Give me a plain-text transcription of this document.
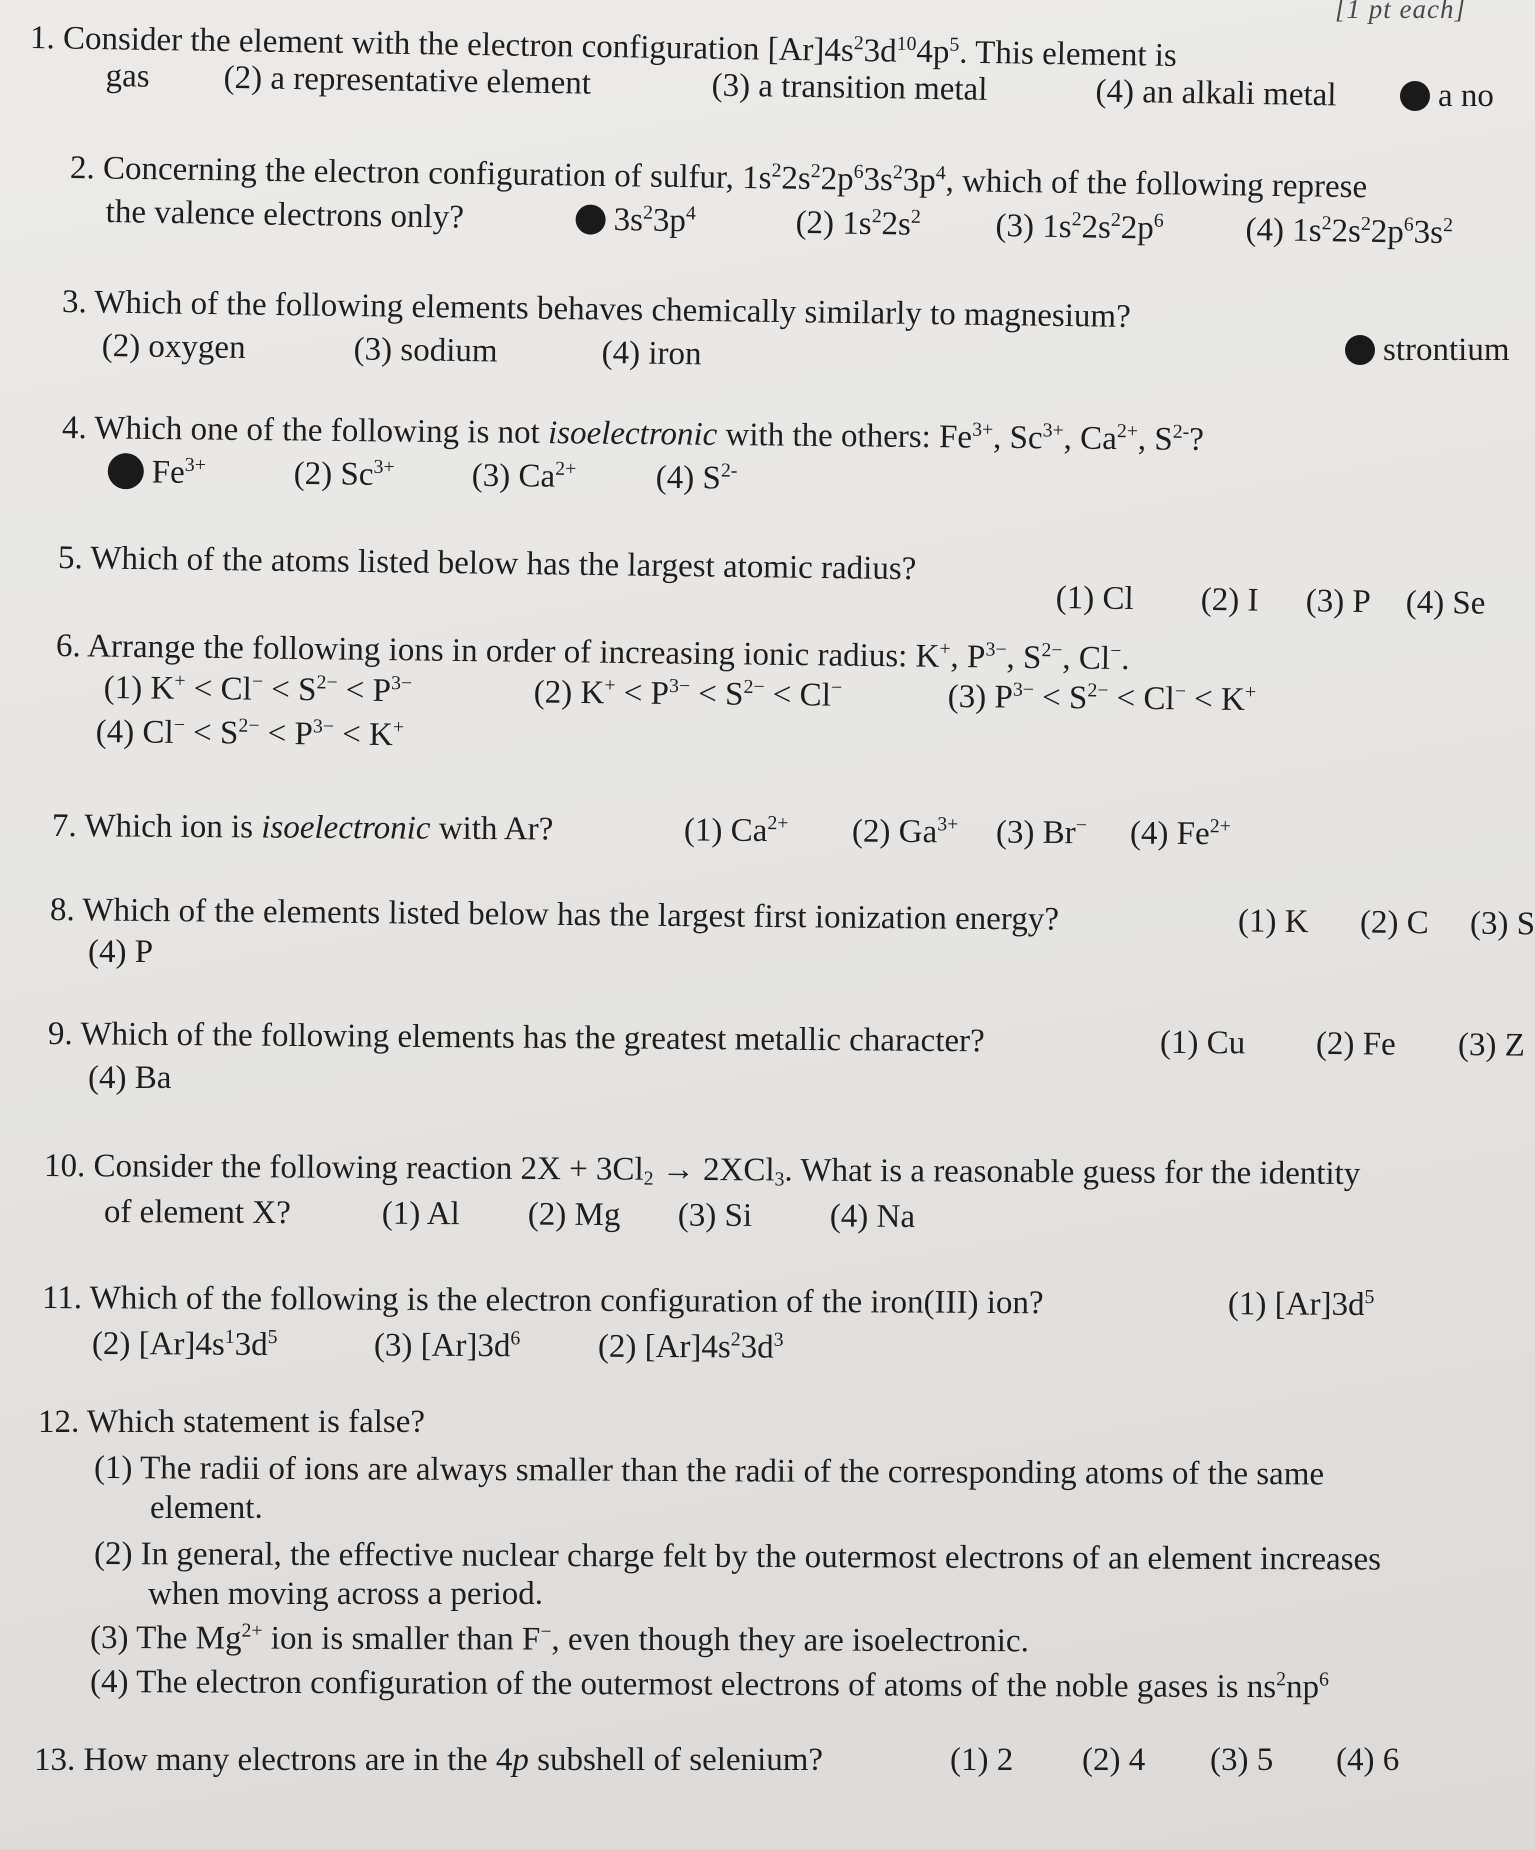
[1 pt each]
1. Consider the element with the electron configuration $[Ar]4s^23d^{10}4p^5$. This element is
a no
gas (2) a representative element	(3) a transition metal	(4) an alkali metal
2. Concerning the electron configuration of sulfur, $1s^22s^22p^63s^23p^4$, which of the following represe
the valence electrons only?	$3s^23p^4$	(2) $1s^22s^2$ (3) $1s^22s^22p^6$ (4) $1s^22s^22p^63s^2$
3. Which of the following elements behaves chemically similarly to magnesium?
strontium
(2) oxygen	(3) sodium	(4) iron
4. Which one of the following is not isoelectronic with the others: $Fe^{3+}$, $Sc^{3+}$, $Ca^{2+}$, $S^{2-}$?
$Fe^{3+}$	(2) $Sc^{3+}$ (3) $Ca^{2+}$ (4) $S^{2-}$
5. Which of the atoms listed below has the largest atomic radius?
(1) Cl (2) I (3) P (4) Se
6. Arrange the following ions in order of increasing ionic radius: K+, $P^{3-}$, $S^{2-}$, Cl−.
(1) $K^+ < Cl^- < S^{2-} < P^{3-}$	(2) $K^+ < P^{3-} < S^{2-} < Cl^-$	(3) $P^{3-} < S^{2-} < Cl^- < K^+$
(4) $Cl^- < S^{2-} < P^{3-} < K^+$
7. Which ion is isoelectronic with Ar?	(1) $Ca^{2+}$ (2) $Ga^{3+}$ (3) Br− (4) $Fe^{2+}$
8. Which of the elements listed below has the largest first ionization energy?	(1) K (2) C (3) S
(4) P
9. Which of the following elements has the greatest metallic character?	(1) Cu (2) Fe (3) Z
(4) Ba
10. Consider the following reaction $2X + 3Cl_2 \to 2XCl_3$. What is a reasonable guess for the identity
of element X?	(1) Al (2) Mg (3) Si (4) Na
11. Which of the following is the electron configuration of the iron(III) ion?	(1) $[Ar]3d^5$
(2) $[Ar]4s^13d^5$	(3) $[Ar]3d^6$ (2) $[Ar]4s^23d^3$
12. Which statement is false?
(1) The radii of ions are always smaller than the radii of the corresponding atoms of the same
element.
(2) In general, the effective nuclear charge felt by the outermost electrons of an element increases
when moving across a period.
(3) The $Mg^{2+}$ ion is smaller than F−, even though they are isoelectronic.
(4) The electron configuration of the outermost electrons of atoms of the noble gases is $ns^2np^6$
13. How many electrons are in the 4p subshell of selenium?	(1) 2 (2) 4 (3) 5 (4) 6
